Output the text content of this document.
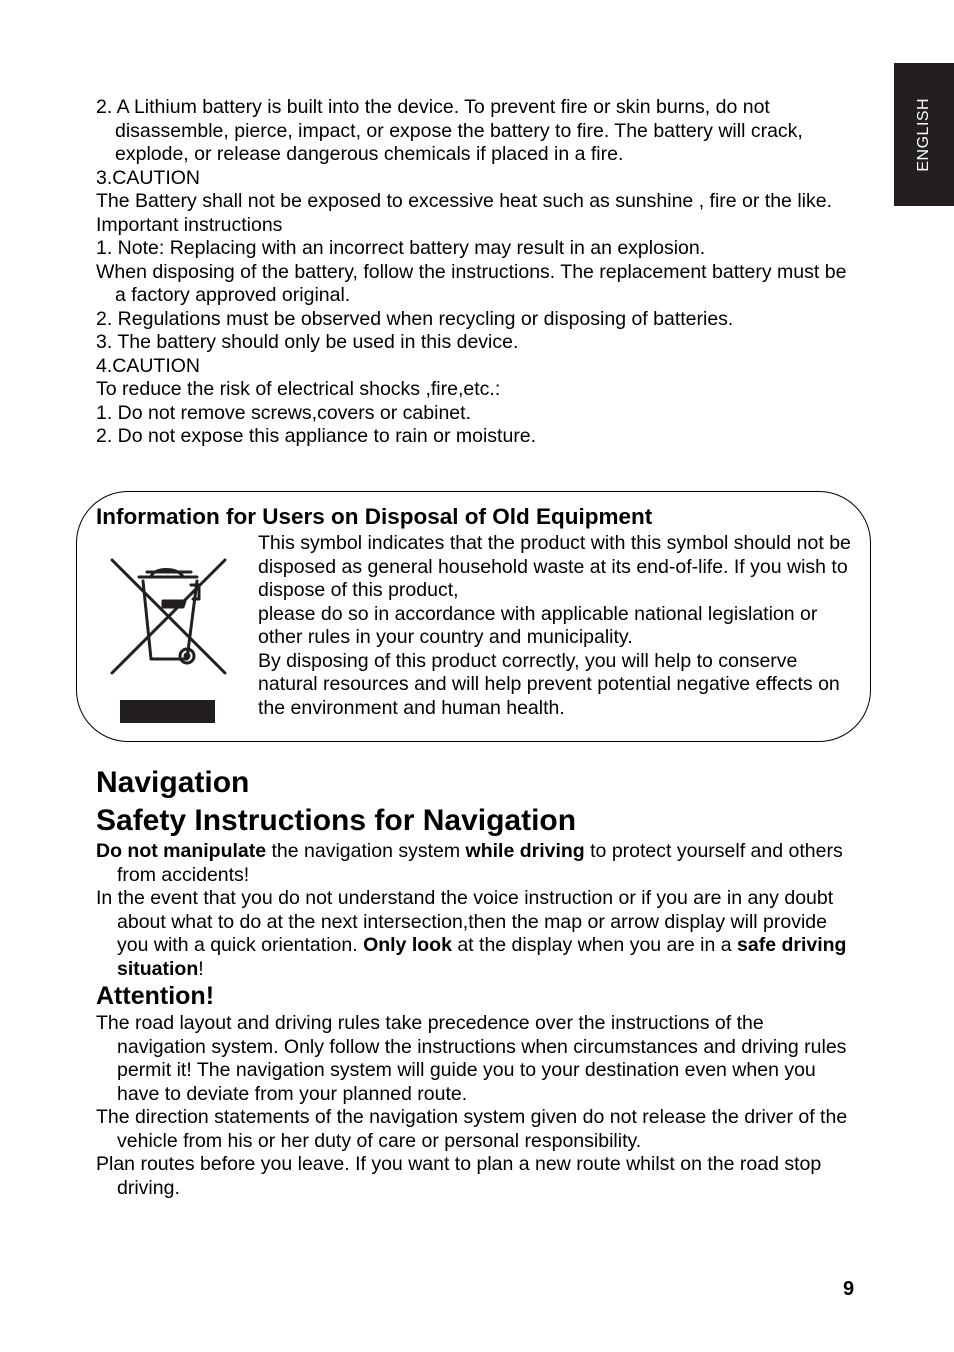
ENGLISH

2. A Lithium battery is built into the device. To prevent fire or skin burns, do not disassemble, pierce, impact, or expose the battery to fire. The battery will crack, explode, or release dangerous chemicals if placed in a fire.

3.CAUTION

The Battery shall not be exposed to excessive heat such as sunshine , fire or the like.

Important instructions

1. Note: Replacing with an incorrect battery may result in an explosion.

When disposing of the battery, follow the instructions. The replacement battery must be a factory approved original.

2. Regulations must be observed when recycling or disposing of batteries.

3. The battery should only be used in this device.

4.CAUTION

To reduce the risk of electrical shocks ,fire,etc.:

1. Do not remove screws,covers or cabinet.

2. Do not expose this appliance to rain or moisture.

Information for Users on Disposal of Old Equipment

This symbol indicates that the product with this symbol should not be disposed as general household waste at its end-of-life. If you wish to dispose of this product,

please do so in accordance with applicable national legislation or other rules in your country and municipality.

By disposing of this product correctly, you will help to conserve natural resources and will help prevent potential negative effects on the environment and human health.

Navigation
Safety Instructions for Navigation

Do not manipulate the navigation system while driving to protect yourself and others from accidents!

In the event that you do not understand the voice instruction or if you are in any doubt about what to do at the next intersection,then the map or arrow display will provide you with a quick orientation. Only look at the display when you are in a safe driving situation!

Attention!

The road layout and driving rules take precedence over the instructions of the navigation system. Only follow the instructions when circumstances and driving rules permit it! The navigation system will guide you to your destination even when you have to deviate from your planned route.

The direction statements of the navigation system given do not release the driver of the vehicle from his or her duty of care or personal responsibility.

Plan routes before you leave. If you want to plan a new route whilst on the road stop driving.

9
